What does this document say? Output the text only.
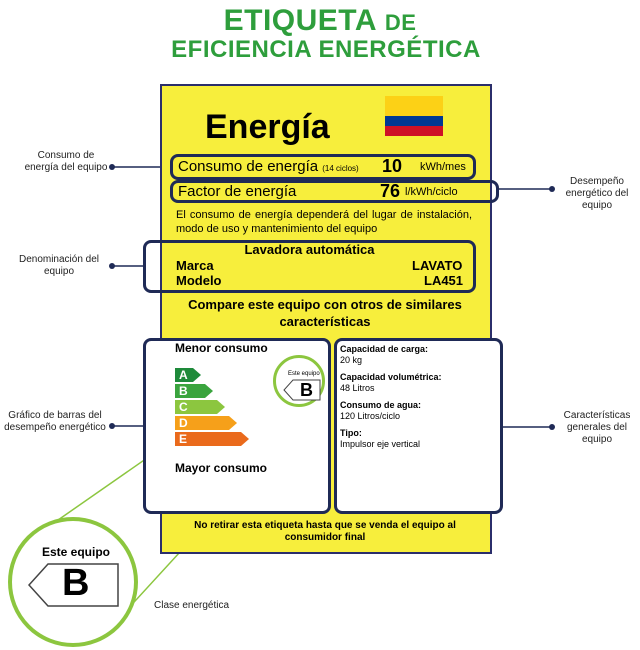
ETIQUETA DE
EFICIENCIA ENERGÉTICA
Energía
Consumo de energía (14 ciclos) 10 kWh/mes
Factor de energía	76 l/kWh/ciclo
El consumo de energía dependerá del lugar de instalación, modo de uso y mantenimiento del equipo
Lavadora automática
Marca	LAVATO
Modelo	LA451
Compare este equipo con otros de similares características
Menor consumo
A
B
C
D
E
Mayor consumo
Este equipo
B
Capacidad de carga:
20 kg
Capacidad volumétrica:
48 Litros
Consumo de agua:
120 Litros/ciclo
Tipo:
Impulsor eje vertical
No retirar esta etiqueta hasta que se venda el equipo al consumidor final
Consumo de energía del equipo
Denominación del equipo
Gráfico de barras del desempeño energético
Desempeño energético del equipo
Características generales del equipo
Clase energética
Este equipo
B
